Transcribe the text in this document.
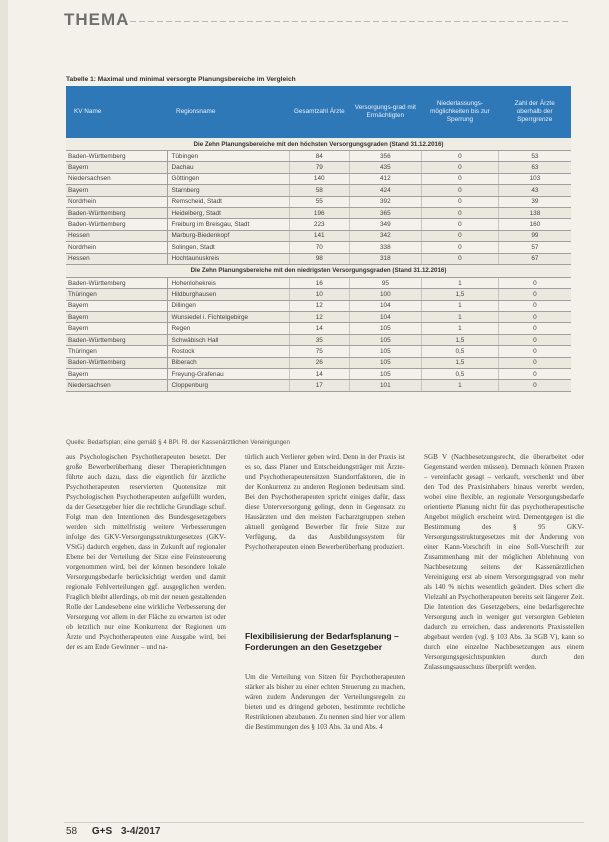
THEMA
Tabelle 1: Maximal und minimal versorgte Planungsbereiche im Vergleich
KV Name	Regionsname	Gesamtzahl Ärzte	Versorgungs-grad mit Ermächtigten	Niederlassungs-möglichkeiten bis zur Sperrung	Zahl der Ärzte oberhalb der Sperrgrenze
Die Zehn Planungsbereiche mit den höchsten Versorgungsgraden (Stand 31.12.2016)					
Baden-Württemberg	Tübingen	84	356	0	53
Bayern	Dachau	79	435	0	63
Niedersachsen	Göttingen	140	412	0	103
Bayern	Starnberg	58	424	0	43
Nordrhein	Remscheid, Stadt	55	392	0	39
Baden-Württemberg	Heidelberg, Stadt	196	365	0	138
Baden-Württemberg	Freiburg im Breisgau, Stadt	223	349	0	160
Hessen	Marburg-Biedenkopf	141	342	0	99
Nordrhein	Solingen, Stadt	70	338	0	57
Hessen	Hochtaunuskreis	98	318	0	67
Die Zehn Planungsbereiche mit den niedrigsten Versorgungsgraden (Stand 31.12.2016)					
Baden-Württemberg	Hohenlohekreis	16	95	1	0
Thüringen	Hildburghausen	10	100	1,5	0
Bayern	Dillingen	12	104	1	0
Bayern	Wunsiedel i. Fichtelgebirge	12	104	1	0
Bayern	Regen	14	105	1	0
Baden-Württemberg	Schwäbisch Hall	35	105	1,5	0
Thüringen	Rostock	75	105	0,5	0
Baden-Württemberg	Biberach	26	105	1,5	0
Bayern	Freyung-Grafenau	14	105	0,5	0
Niedersachsen	Cloppenburg	17	101	1	0
Quelle: Bedarfsplan; eine gemäß § 4 BPl. Rl. der Kassenärztlichen Vereinigungen
aus Psychologischen Psychotherapeuten besetzt. Der große Bewerberüberhang dieser Therapierichtungen führte auch dazu, dass die eigentlich für ärztliche Psychotherapeuten reservierten Quotensitze mit Psychologischen Psychotherapeuten aufgefüllt wurden, da der Gesetzgeber hier die rechtliche Grundlage schuf. Folgt man den Intentionen des Bundesgesetzgebers werden sich mittelfristig weitere Verbesserungen infolge des GKV-Versorgungsstrukturgesetzes (GKV-VStG) dadurch ergeben, dass in Zukunft auf regionaler Ebene bei der Verteilung der Sitze eine Feinsteuerung vorgenommen wird, bei der können besondere lokale Versorgungsbedarfe berücksichtigt werden und damit regionale Fehlverteilungen ggf. ausgeglichen werden. Fraglich bleibt allerdings, ob mit der neuen gestaltenden Rolle der Landesebene eine wirkliche Verbesserung der Versorgung vor allem in der Fläche zu erwarten ist oder ob letztlich nur eine Konkurrenz der Regionen um Ärzte und Psychotherapeuten eine Ausgabe wird, bei der es am Ende Gewinner – und na-
türlich auch Verlierer geben wird. Denn in der Praxis ist es so, dass Planer und Entscheidungsträger mit Ärzte- und Psychotherapeutensitzen Standortfaktoren, die in der Konkurrenz zu anderen Regionen bedeutsam sind. Bei den Psychotherapeuten spricht einiges dafür, dass diese Unterversorgung gelingt, denn in Gegensatz zu Hausärzten und den meisten Facharztgruppen stehen aktuell genügend Bewerber für freie Sitze zur Verfügung, da das Ausbildungssystem für Psychotherapeuten einen Bewerberüberhang produziert.
Flexibilisierung der Bedarfsplanung – Forderungen an den Gesetzgeber
Um die Verteilung von Sitzen für Psychotherapeuten stärker als bisher zu einer echten Steuerung zu machen, wären zudem Änderungen der Verteilungsregeln zu bieten und es dringend geboten, bestimmte rechtliche Restriktionen abzubauen. Zu nennen sind hier vor allem die Bestimmungen des § 103 Abs. 3a und Abs. 4
SGB V (Nachbesetzungsrecht, die überarbeitet oder Gegenstand werden müssen). Demnach können Praxen – vereinfacht gesagt – verkauft, verschenkt und über den Tod des Praxisinhabers hinaus vererbt werden, wobei eine flexible, an regionale Versorgungsbedarfe orientierte Planung nicht für das psychotherapeutische Angebot möglich erscheint wird. Dementgegen ist die Bestimmung des § 95 GKV-Versorgungsstrukturgesetzes mit der Änderung von einer Kann-Vorschrift in eine Soll-Vorschrift zur Zusammenhang mit der möglichen Ablehnung von Nachbesetzung seitens der Kassenärztlichen Vereinigung erst ab einem Versorgungsgrad von mehr als 140 % nichts wesentlich geändert. Dies schert die Vielzahl an Psychotherapeuten bereits seit längerer Zeit. Die Intention des Gesetzgebers, eine bedarfsgerechte Versorgung auch in weniger gut versorgten Gebieten dadurch zu erreichen, dass anderenorts Praxisstellen abgebaut werden (vgl. § 103 Abs. 3a SGB V), kann so durch eine einzelne Nachbesetzungen aus einem Versorgungsgesichtspunkten durch den Zulassungsausschuss überprüft werden.
58 G+S 3-4/2017
